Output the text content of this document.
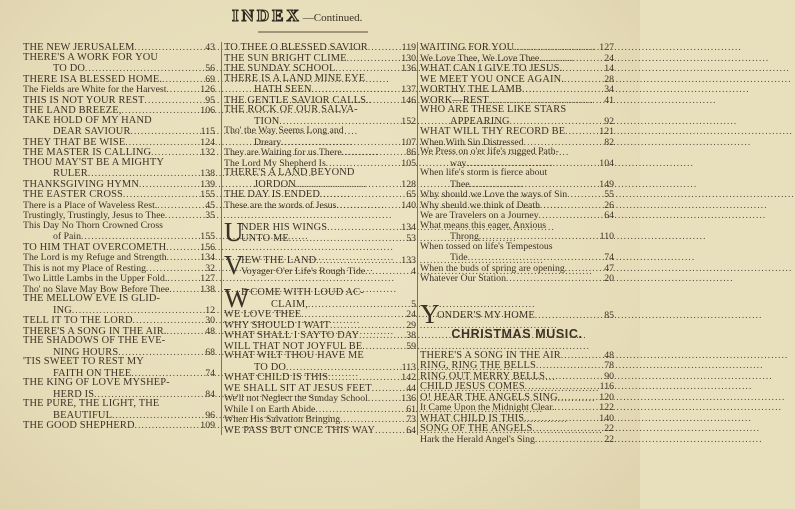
INDEX—Continued.
THE NEW JERUSALEM .....	43
THERE'S A WORK FOR YOU
TO DO .....	56
THERE ISA BLESSED HOME. .....	69
The Fields are White for the Harvest .....	126
THIS IS NOT YOUR REST .....	95
THE LAND BREEZE, .....	106
TAKE HOLD OF MY HAND
DEAR SAVIOUR .....	115
THEY THAT BE WISE .....	124
THE MASTER IS CALLING .....	132
THOU MAY'ST BE A MIGHTY
RULER .....	138
THANKSGIVING HYMN .....	139
THE EASTER CROSS .....	155
There is a Place of Waveless Rest. .....	45
Trustingly, Trustingly, Jesus to Thee .....	35
This Day No Thorn Crowned Cross
of Pain .....	155
TO HIM THAT OVERCOMETH .....	156
The Lord is my Refuge and Strength .....	134
This is not my Place of Resting .....	32
Two Little Lambs in the Upper Fold. .....	127
Tho' no Slave May Bow Before Thee .....	138
THE MELLOW EVE IS GLID-
ING .....	12
TELL IT TO THE LORD .....	30
THERE'S A SONG IN THE AIR. .....	48
THE SHADOWS OF THE EVE-
NING HOURS .....	68
'TIS SWEET TO REST MY
FAITH ON THEE .....	74
THE KING OF LOVE MYSHEP-
HERD IS .....	84
THE PURE, THE LIGHT, THE
BEAUTIFUL .....	96
THE GOOD SHEPHERD .....	109
TO THEE O BLESSED SAVIOR .....	119
THE SUN BRIGHT CLIME .....	130
THE SUNDAY SCHOOL .....	136
THERE IS A LAND MINE EYE
HATH SEEN .....	137
THE GENTLE SAVIOR CALLS .....	146
THE ROCK OF OUR SALVA-
TION .....	152
Tho' the Way Seems Long and
Dreary .....	107
They are Waiting for us There .....	86
The Lord My Shepherd Is .....	105
THERE'S A LAND BEYOND
JORDON .....	128
THE DAY IS ENDED .....	65
These are the words of Jesus .....	140
U
NDER HIS WINGS .....	134
UNTO ME .....	53
V
IEW THE LAND .....	133
Voyager O'er Life's Rough Tide .....	4
W
E COME WITH LOUD AC-
CLAIM, .....	5
WE LOVE THEE .....	24
WHY SHOULD I WAIT .....	29
WHAT SHALL I SAYTO DAY .....	38
WILL THAT NOT JOYFUL BE .....	59
WHAT WILT THOU HAVE ME
TO DO .....	113
WHAT CHILD IS THIS .....	142
WE SHALL SIT AT JESUS FEET .....	44
We'll not Neglect the Sunday School .....	136
While I on Earth Abide .....	61
When His Salvation Bringing .....	73
WE PASS BUT ONCE THIS WAY .....	64
WAITING FOR YOU .....	127
We Love Thee, We Love Thee. .....	24
WHAT CAN I GIVE TO JESUS. .....	14
WE MEET YOU ONCE AGAIN. .....	28
WORTHY THE LAMB .....	34
WORK—REST .....	41
WHO ARE THESE LIKE STARS
APPEARING .....	92
WHAT WILL THY RECORD BE .....	121
When With Sin Distressed .....	82
We Press on o'er life's rugged Path-
way .....	104
When life's storm is fierce about
Thee .....	149
Why should we Love the ways of Sin .....	55
Why sheuld we think of Death .....	26
We are Travelers on a Journey .....	64
What means this eager, Anxious
Throng .....	110
When tossed on life's Tempestous
Tide .....	74
When the buds of spring are opening .....	47
Whatever Our Station .....	20
Y
ONDER'S MY HOME .....	85
CHRISTMAS MUSIC.
THERE'S A SONG IN THE AIR .....	48
RING, RING THE BELLS .....	78
RING OUT MERRY BELLS .....	90
CHILD JESUS COMES .....	116
O! HEAR THE ANGELS SING .....	120
It Came Upon the Midnight Clear. .....	122
WHAT CHILD IS THIS .....	140
SONG OF THE ANGELS .....	22
Hark the Herald Angel's Sing .....	22
